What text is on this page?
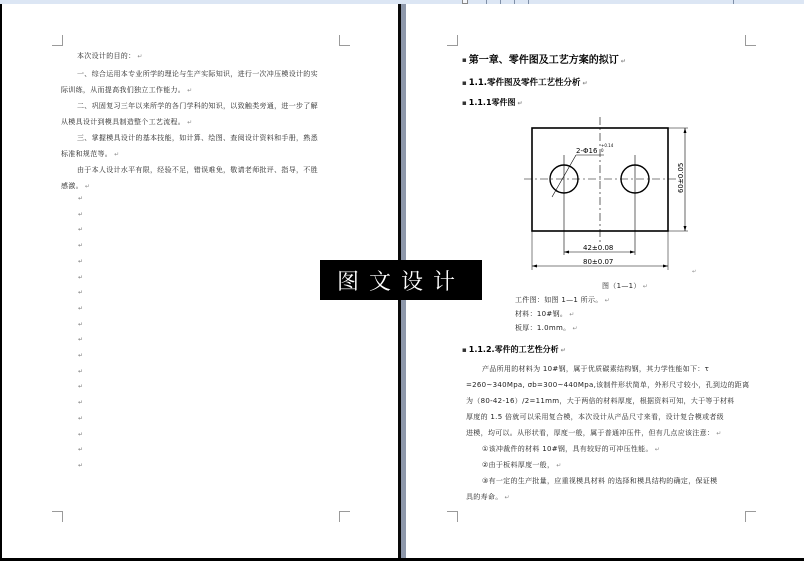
本次设计的目的： ↵
一、综合运用本专业所学的理论与生产实际知识，进行一次冲压模设计的实
际训练，从而提高我们独立工作能力。 ↵
二、巩固复习三年以来所学的各门学科的知识，以致触类旁通，进一步了解
从模具设计到模具制造整个工艺流程。 ↵
三、掌握模具设计的基本技能，如计算、绘图、查阅设计资料和手册，熟悉
标准和规范等。 ↵
由于本人设计水平有限，经验不足，错误难免，敬请老师批评、指导，不胜
感激。 ↵
↵
↵
↵
↵
↵
↵
↵
↵
↵
↵
↵
↵
↵
↵
↵
↵
↵
↵
▪ 第一章、零件图及工艺方案的拟订 ↵
▪ 1.1.零件图及零件工艺性分析 ↵
▪ 1.1.1零件图 ↵
图（1—1） ↵
工件图：如图 1—1 所示。 ↵
材料：10#钢。 ↵
板厚：1.0mm。 ↵
▪ 1.1.2.零件的工艺性分析 ↵
产品所用的材料为 10#钢，属于优质碳素结构钢，其力学性能如下：τ
=260~340Mpa, σb=300~440Mpa,该制件形状简单，外形尺寸较小，孔到边的距离
为（80-42-16）/2=11mm，大于两倍的材料厚度，根据资料可知，大于等于材料
厚度的 1.5 倍就可以采用复合模，本次设计从产品尺寸来看，设计复合模或者级
进模，均可以。从形状看，厚度一般，属于普通冲压件，但有几点应该注意： ↵
①该冲裁件的材料 10#钢，具有较好的可冲压性能。 ↵
②由于板料厚度一般， ↵
③有一定的生产批量，应重视模具材料 的选择和模具结构的确定，保证模
具的寿命。 ↵
2-Φ16
+0.14
0
60±0.05
42±0.08
80±0.07
↵
图文设计
